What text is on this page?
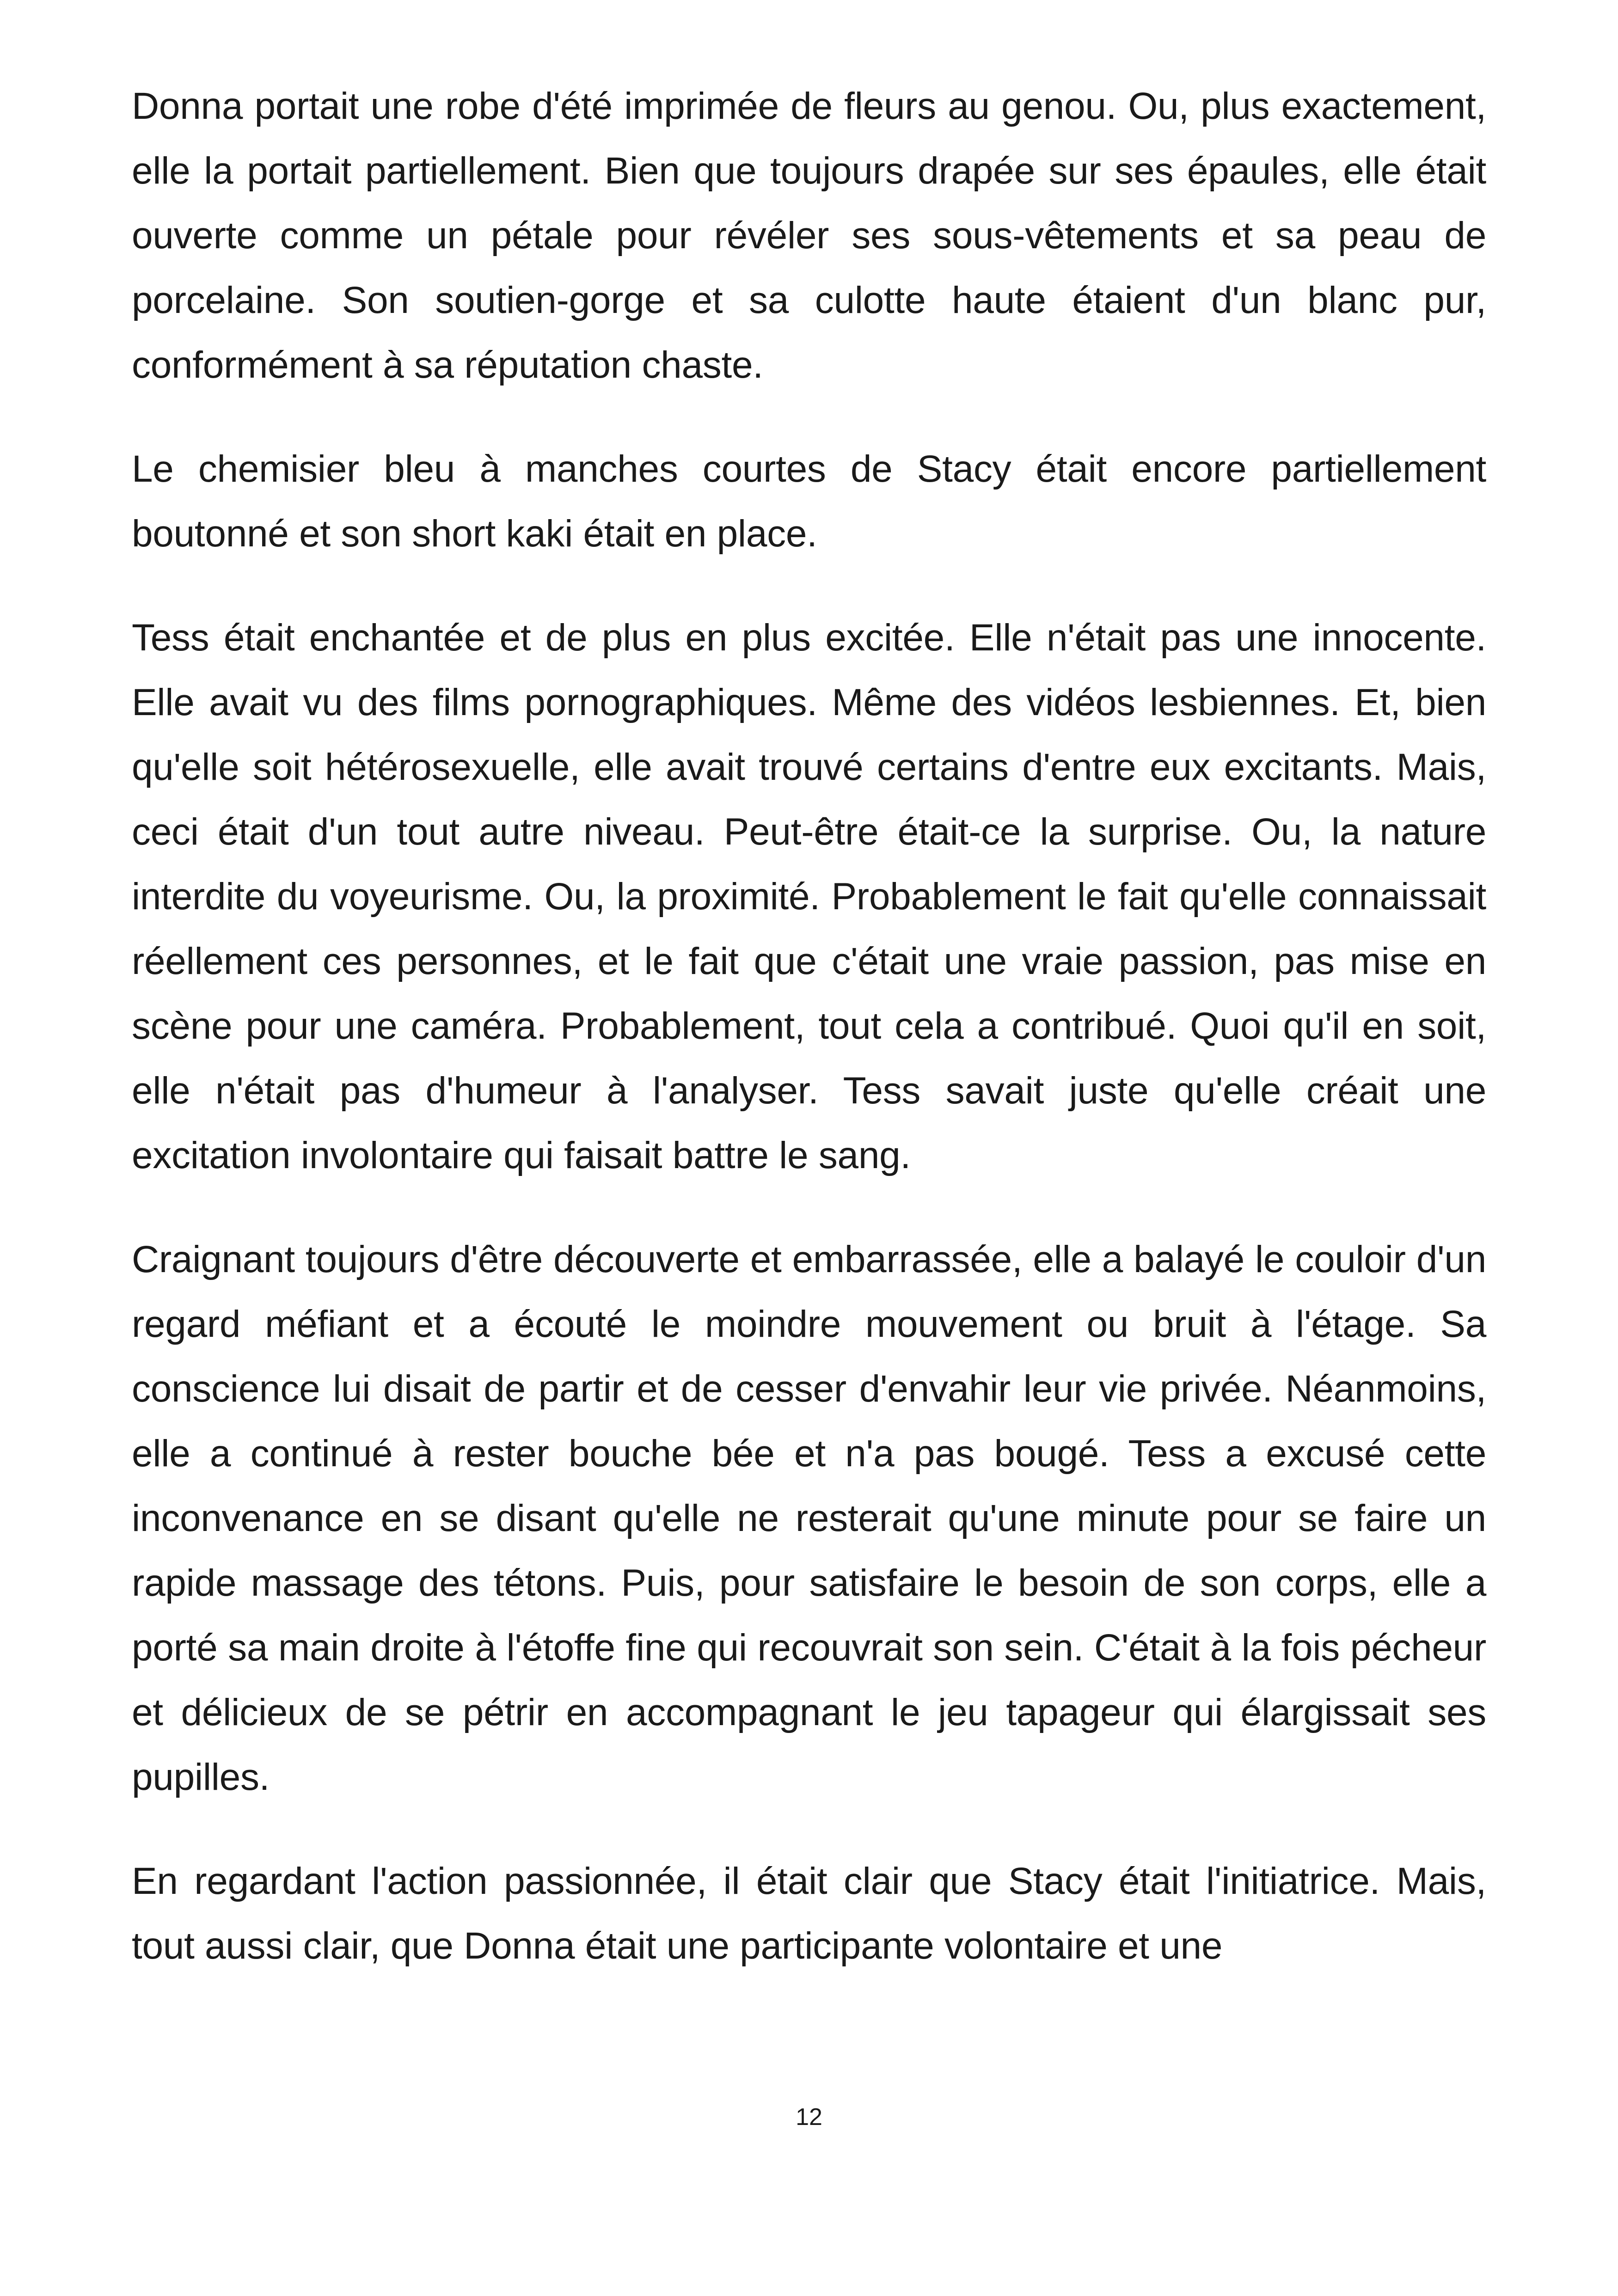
Donna portait une robe d'été imprimée de fleurs au genou. Ou, plus exactement, elle la portait partiellement. Bien que toujours drapée sur ses épaules, elle était ouverte comme un pétale pour révéler ses sous-vêtements et sa peau de porcelaine. Son soutien-gorge et sa culotte haute étaient d'un blanc pur, conformément à sa réputation chaste.

Le chemisier bleu à manches courtes de Stacy était encore partiellement boutonné et son short kaki était en place.

Tess était enchantée et de plus en plus excitée. Elle n'était pas une innocente. Elle avait vu des films pornographiques. Même des vidéos lesbiennes. Et, bien qu'elle soit hétérosexuelle, elle avait trouvé certains d'entre eux excitants. Mais, ceci était d'un tout autre niveau. Peut-être était-ce la surprise. Ou, la nature interdite du voyeurisme. Ou, la proximité. Probablement le fait qu'elle connaissait réellement ces personnes, et le fait que c'était une vraie passion, pas mise en scène pour une caméra. Probablement, tout cela a contribué. Quoi qu'il en soit, elle n'était pas d'humeur à l'analyser. Tess savait juste qu'elle créait une excitation involontaire qui faisait battre le sang.

Craignant toujours d'être découverte et embarrassée, elle a balayé le couloir d'un regard méfiant et a écouté le moindre mouvement ou bruit à l'étage. Sa conscience lui disait de partir et de cesser d'envahir leur vie privée. Néanmoins, elle a continué à rester bouche bée et n'a pas bougé. Tess a excusé cette inconvenance en se disant qu'elle ne resterait qu'une minute pour se faire un rapide massage des tétons. Puis, pour satisfaire le besoin de son corps, elle a porté sa main droite à l'étoffe fine qui recouvrait son sein. C'était à la fois pécheur et délicieux de se pétrir en accompagnant le jeu tapageur qui élargissait ses pupilles.

En regardant l'action passionnée, il était clair que Stacy était l'initiatrice. Mais, tout aussi clair, que Donna était une participante volontaire et une

12
